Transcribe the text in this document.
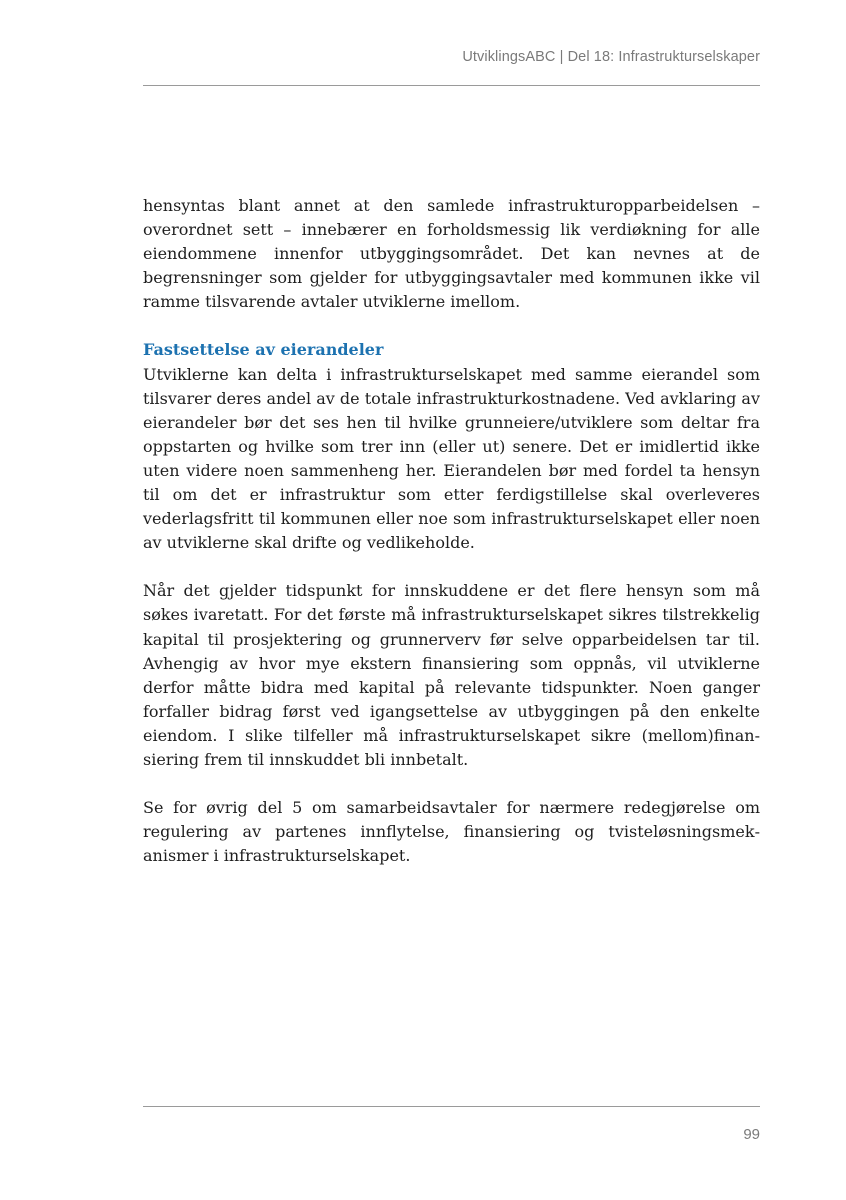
UtviklingsABC | Del 18: Infrastrukturselskaper

hensyntas blant annet at den samlede infrastrukturopparbeidelsen – overordnet sett – innebærer en forholdsmessig lik verdiøkning for alle eiendommene innenfor utbyggingsområdet. Det kan nevnes at de begrensninger som gjelder for utbyggingsavtaler med kommunen ikke vil ramme tilsvarende avtaler utviklerne imellom.

Fastsettelse av eierandeler

Utviklerne kan delta i infrastrukturselskapet med samme eierandel som tilsvarer deres andel av de totale infrastrukturkostnadene. Ved avklaring av eierandeler bør det ses hen til hvilke grunneiere/utviklere som deltar fra oppstarten og hvilke som trer inn (eller ut) senere. Det er imidlertid ikke uten videre noen sammenheng her. Eierandelen bør med fordel ta hensyn til om det er infrastruktur som etter ferdigstillelse skal overleveres vederlagsfritt til kommunen eller noe som infrastrukturselskapet eller noen av utviklerne skal drifte og vedlikeholde.

Når det gjelder tidspunkt for innskuddene er det flere hensyn som må søkes ivaretatt. For det første må infrastrukturselskapet sikres tilstrekkelig kapital til prosjektering og grunnerverv før selve opparbeidelsen tar til. Avhengig av hvor mye ekstern finansiering som oppnås, vil utviklerne derfor måtte bidra med kapital på relevante tidspunkter. Noen ganger forfaller bidrag først ved igangsettelse av utbyggingen på den enkelte eiendom. I slike tilfeller må infrastrukturselskapet sikre (mellom)finansiering frem til innskuddet bli innbetalt.

Se for øvrig del 5 om samarbeidsavtaler for nærmere redegjørelse om regulering av partenes innflytelse, finansiering og tvisteløsningsmekanismer i infrastrukturselskapet.

99
